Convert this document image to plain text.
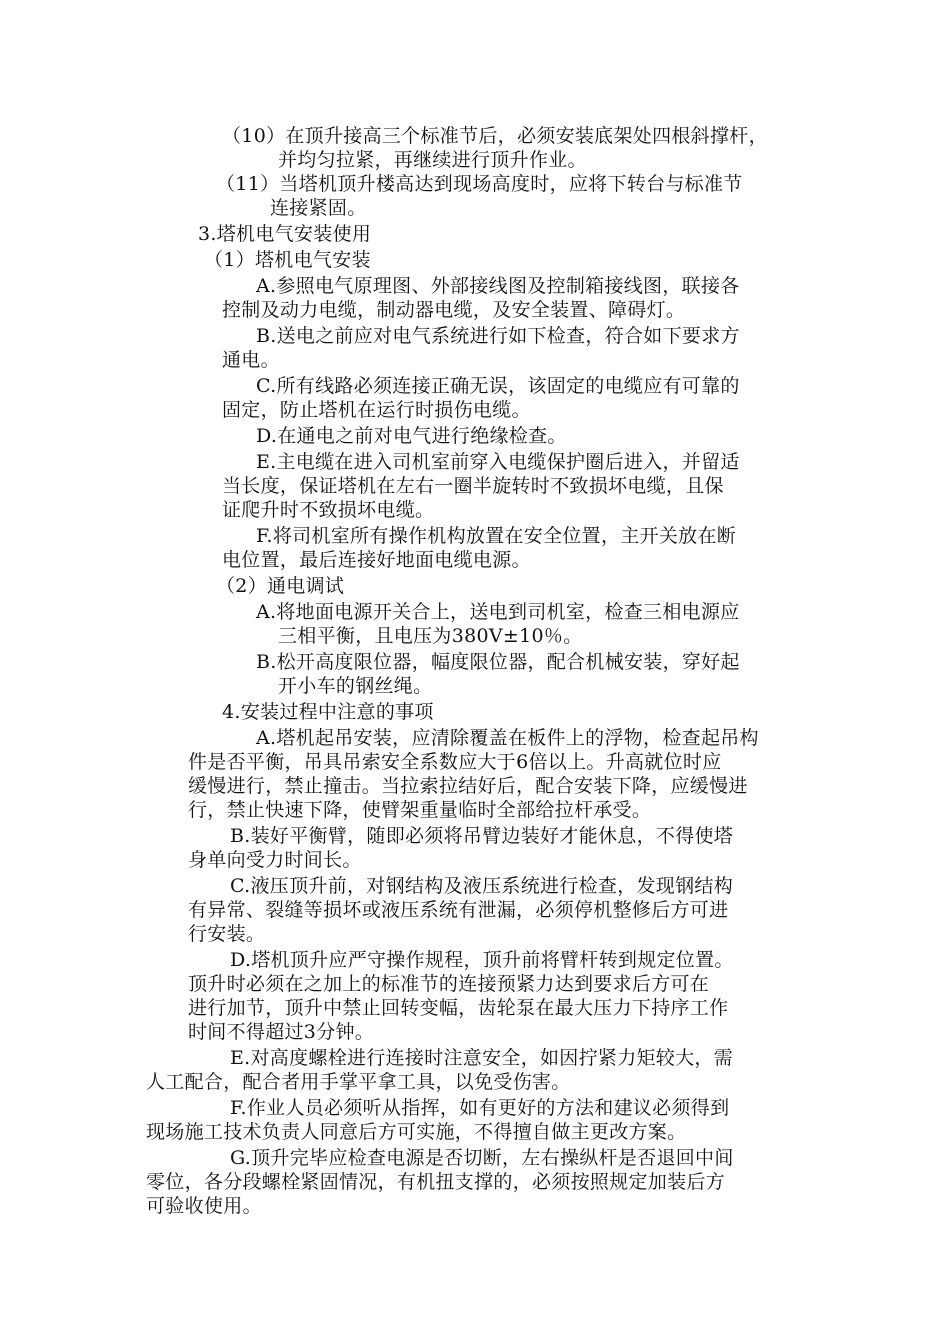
（10）在顶升接高三个标准节后，必须安装底架处四根斜撑杆，
并均匀拉紧，再继续进行顶升作业。
（11）当塔机顶升楼高达到现场高度时，应将下转台与标准节
连接紧固。
3.塔机电气安装使用
（1）塔机电气安装
A.参照电气原理图、外部接线图及控制箱接线图，联接各
控制及动力电缆，制动器电缆，及安全装置、障碍灯。
B.送电之前应对电气系统进行如下检查，符合如下要求方
通电。
C.所有线路必须连接正确无误，该固定的电缆应有可靠的
固定，防止塔机在运行时损伤电缆。
D.在通电之前对电气进行绝缘检查。
E.主电缆在进入司机室前穿入电缆保护圈后进入，并留适
当长度，保证塔机在左右一圈半旋转时不致损坏电缆，且保
证爬升时不致损坏电缆。
F.将司机室所有操作机构放置在安全位置，主开关放在断
电位置，最后连接好地面电缆电源。
（2）通电调试
A.将地面电源开关合上，送电到司机室，检查三相电源应
三相平衡，且电压为380V±10％。
B.松开高度限位器，幅度限位器，配合机械安装，穿好起
开小车的钢丝绳。
4.安装过程中注意的事项
A.塔机起吊安装，应清除覆盖在板件上的浮物，检查起吊构
件是否平衡，吊具吊索安全系数应大于6倍以上。升高就位时应
缓慢进行，禁止撞击。当拉索拉结好后，配合安装下降，应缓慢进
行，禁止快速下降，使臂架重量临时全部给拉杆承受。
B.装好平衡臂，随即必须将吊臂边装好才能休息，不得使塔
身单向受力时间长。
C.液压顶升前，对钢结构及液压系统进行检查，发现钢结构
有异常、裂缝等损坏或液压系统有泄漏，必须停机整修后方可进
行安装。
D.塔机顶升应严守操作规程，顶升前将臂杆转到规定位置。
顶升时必须在之加上的标准节的连接预紧力达到要求后方可在
进行加节，顶升中禁止回转变幅，齿轮泵在最大压力下持序工作
时间不得超过3分钟。
E.对高度螺栓进行连接时注意安全，如因拧紧力矩较大，需
人工配合，配合者用手掌平拿工具，以免受伤害。
F.作业人员必须听从指挥，如有更好的方法和建议必须得到
现场施工技术负责人同意后方可实施，不得擅自做主更改方案。
G.顶升完毕应检查电源是否切断，左右操纵杆是否退回中间
零位，各分段螺栓紧固情况，有机扭支撑的，必须按照规定加装后方
可验收使用。
